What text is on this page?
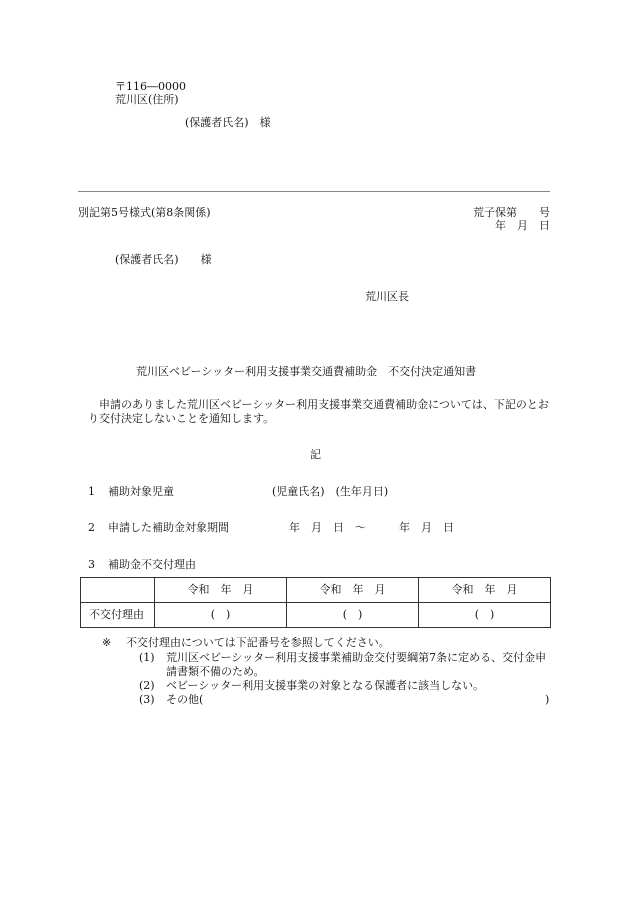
〒116―0000
荒川区(住所)
(保護者氏名)　様
別記第5号様式(第8条関係)	荒子保第　　号
年　月　日
(保護者氏名)　　様
荒川区長
荒川区ベビーシッター利用支援事業交通費補助金　不交付決定通知書
申請のありました荒川区ベビーシッター利用支援事業交通費補助金については、下記のとおり交付決定しないことを通知します。
記
1 補助対象児童	(児童氏名)　(生年月日)
2 申請した補助金対象期間	年　月　日　～　　　年　月　日
3 補助金不交付理由
	令和　年　月	令和　年　月	令和　年　月
不交付理由	(　)	(　)	(　)
※ 不交付理由については下記番号を参照してください。
(1) 荒川区ベビーシッター利用支援事業補助金交付要綱第7条に定める、交付金申請書類不備のため。
(2) ベビーシッター利用支援事業の対象となる保護者に該当しない。
(3) その他(	)
